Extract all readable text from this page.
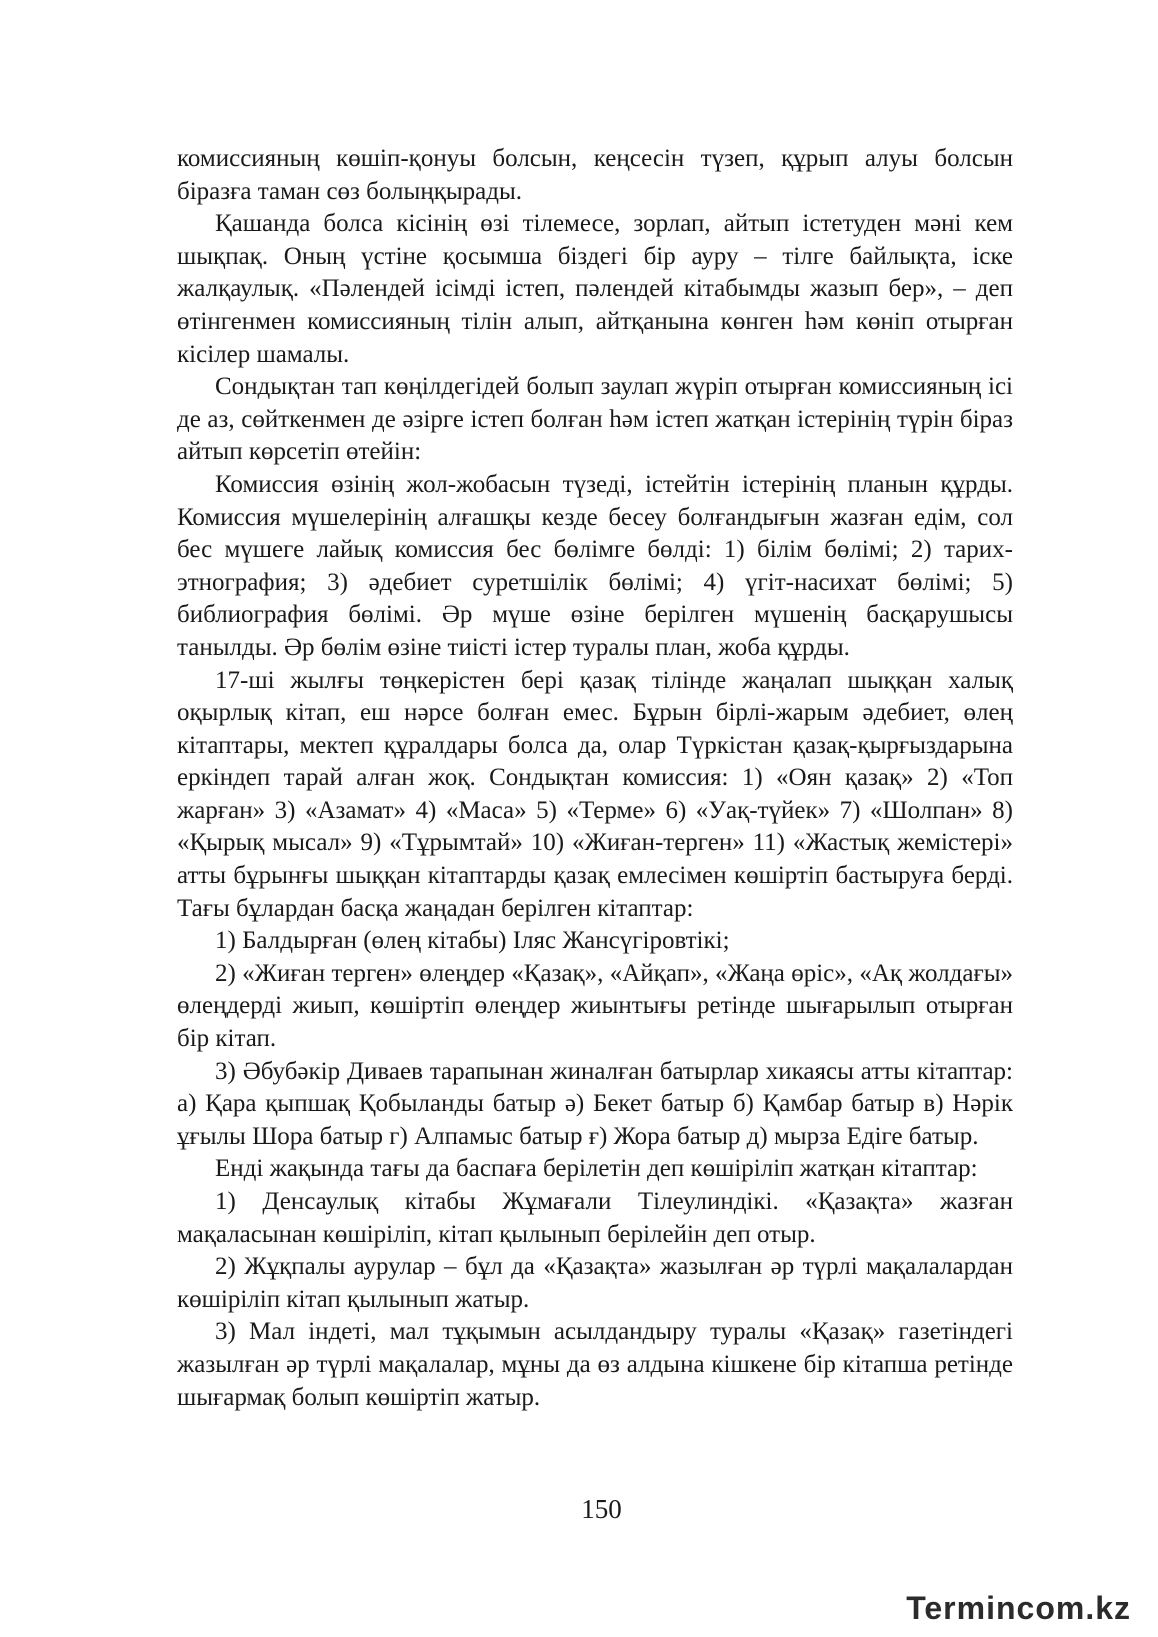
комиссияның көшіп-қонуы болсын, кеңсесін түзеп, құрып алуы болсын біразға таман сөз болыңқырады.

Қашанда болса кісінің өзі тілемесе, зорлап, айтып істетуден мәні кем шықпақ. Оның үстіне қосымша біздегі бір ауру – тілге байлықта, іске жалқаулық. «Пәлендей ісімді істеп, пәлендей кітабымды жазып бер», – деп өтінгенмен комиссияның тілін алып, айтқанына көнген һәм көніп отырған кісілер шамалы.

Сондықтан тап көңілдегідей болып заулап жүріп отырған комиссияның ісі де аз, сөйткенмен де әзірге істеп болған һәм істеп жатқан істерінің түрін біраз айтып көрсетіп өтейін:

Комиссия өзінің жол-жобасын түзеді, істейтін істерінің планын құрды. Комиссия мүшелерінің алғашқы кезде бесеу болғандығын жазған едім, сол бес мүшеге лайық комиссия бес бөлімге бөлді: 1) білім бөлімі; 2) тарих-этнография; 3) әдебиет суретшілік бөлімі; 4) үгіт-насихат бөлімі; 5) библиография бөлімі. Әр мүше өзіне берілген мүшенің басқарушысы танылды. Әр бөлім өзіне тиісті істер туралы план, жоба құрды.

17-ші жылғы төңкерістен бері қазақ тілінде жаңалап шыққан халық оқырлық кітап, еш нәрсе болған емес. Бұрын бірлі-жарым әдебиет, өлең кітаптары, мектеп құралдары болса да, олар Түркістан қазақ-қырғыздарына еркіндеп тарай алған жоқ. Сондықтан комиссия: 1) «Оян қазақ» 2) «Топ жарған» 3) «Азамат» 4) «Маса» 5) «Терме» 6) «Уақ-түйек» 7) «Шолпан» 8) «Қырық мысал» 9) «Тұрымтай» 10) «Жиған-терген» 11) «Жастық жемістері» атты бұрынғы шыққан кітаптарды қазақ емлесімен көшіртіп бастыруға берді. Тағы бұлардан басқа жаңадан берілген кітаптар:

1) Балдырған (өлең кітабы) Іляс Жансүгіровтікі;

2) «Жиған терген» өлеңдер «Қазақ», «Айқап», «Жаңа өріс», «Ақ жолдағы» өлеңдерді жиып, көшіртіп өлеңдер жиынтығы ретінде шығарылып отырған бір кітап.

3) Әбубәкір Диваев тарапынан жиналған батырлар хикаясы атты кітаптар: а) Қара қыпшақ Қобыланды батыр ә) Бекет батыр б) Қамбар батыр в) Нәрік ұғылы Шора батыр г) Алпамыс батыр ғ) Жора батыр д) мырза Едіге батыр.

Енді жақында тағы да баспаға берілетін деп көшіріліп жатқан кітаптар:

1) Денсаулық кітабы Жұмағали Тілеулиндікі. «Қазақта» жазған мақаласынан көшіріліп, кітап қылынып берілейін деп отыр.

2) Жұқпалы аурулар – бұл да «Қазақта» жазылған әр түрлі мақалалардан көшіріліп кітап қылынып жатыр.

3) Мал індеті, мал тұқымын асылдандыру туралы «Қазақ» газетіндегі жазылған әр түрлі мақалалар, мұны да өз алдына кішкене бір кітапша ретінде шығармақ болып көшіртіп жатыр.

150
Termincom.kz
